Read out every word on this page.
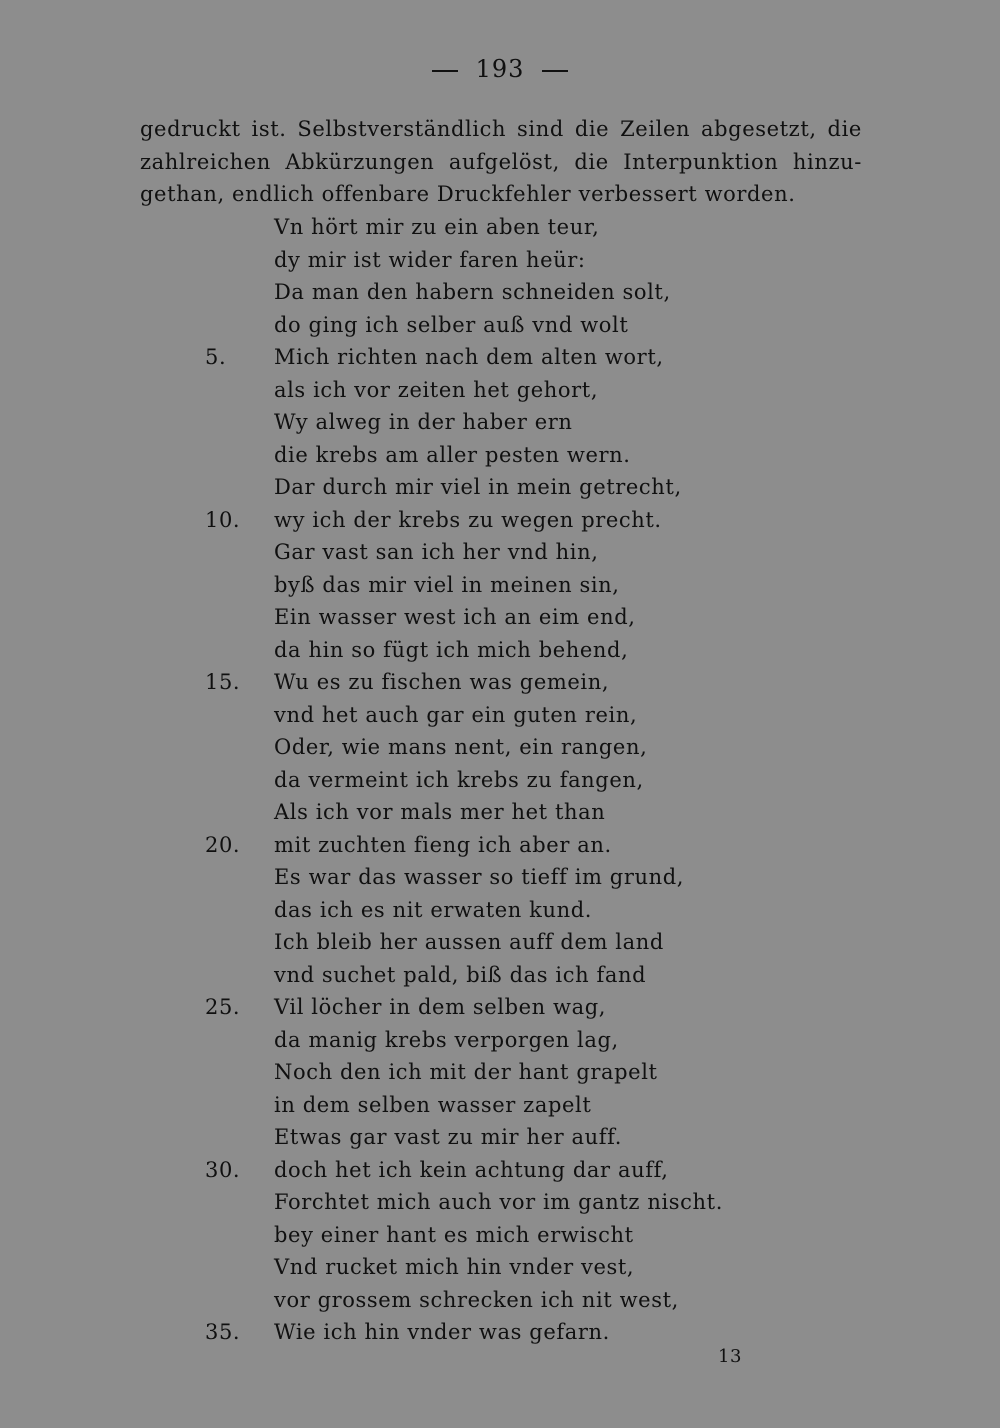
193
gedruckt ist. Selbstverständlich sind die Zeilen abgesetzt, die
zahlreichen Abkürzungen aufgelöst, die Interpunktion hinzu-
gethan, endlich offenbare Druckfehler verbessert worden.
Vn hört mir zu ein aben teur,
dy mir ist wider faren heür:
Da man den habern schneiden solt,
do ging ich selber auß vnd wolt
5.	Mich richten nach dem alten wort,
als ich vor zeiten het gehort,
Wy alweg in der haber ern
die krebs am aller pesten wern.
Dar durch mir viel in mein getrecht,
10. wy ich der krebs zu wegen precht.
Gar vast san ich her vnd hin,
byß das mir viel in meinen sin,
Ein wasser west ich an eim end,
da hin so fügt ich mich behend,
15. Wu es zu fischen was gemein,
vnd het auch gar ein guten rein,
Oder, wie mans nent, ein rangen,
da vermeint ich krebs zu fangen,
Als ich vor mals mer het than
20. mit zuchten fieng ich aber an.
Es war das wasser so tieff im grund,
das ich es nit erwaten kund.
Ich bleib her aussen auff dem land
vnd suchet pald, biß das ich fand
25. Vil löcher in dem selben wag,
da manig krebs verporgen lag,
Noch den ich mit der hant grapelt
in dem selben wasser zapelt
Etwas gar vast zu mir her auff.
30. doch het ich kein achtung dar auff,
Forchtet mich auch vor im gantz nischt.
bey einer hant es mich erwischt
Vnd rucket mich hin vnder vest,
vor grossem schrecken ich nit west,
35. Wie ich hin vnder was gefarn.
13
